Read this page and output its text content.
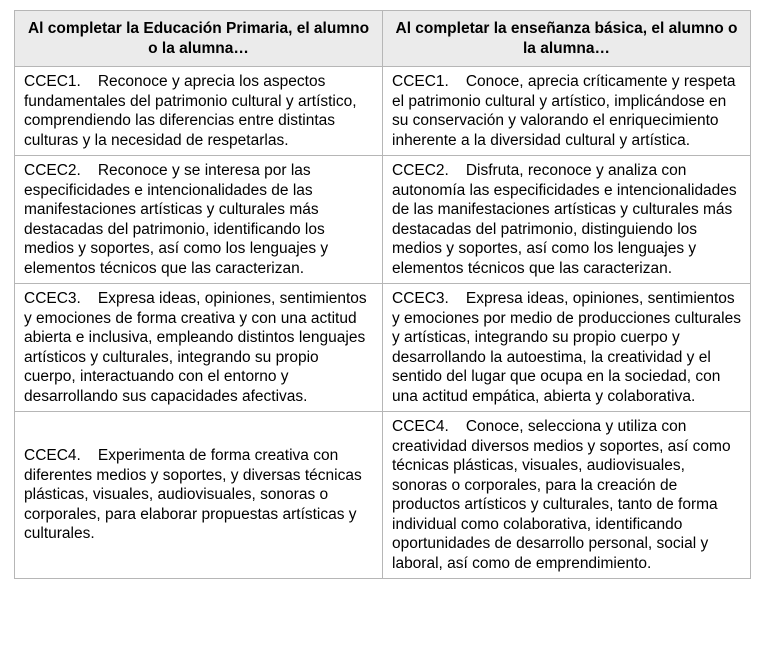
Al completar la Educación Primaria, el alumno o la alumna…	Al completar la enseñanza básica, el alumno o la alumna…
CCEC1. Reconoce y aprecia los aspectos fundamentales del patrimonio cultural y artístico, comprendiendo las diferencias entre distintas culturas y la necesidad de respetarlas.	CCEC1. Conoce, aprecia críticamente y respeta el patrimonio cultural y artístico, implicándose en su conservación y valorando el enriquecimiento inherente a la diversidad cultural y artística.
CCEC2. Reconoce y se interesa por las especificidades e intencionalidades de las manifestaciones artísticas y culturales más destacadas del patrimonio, identificando los medios y soportes, así como los lenguajes y elementos técnicos que las caracterizan.	CCEC2. Disfruta, reconoce y analiza con autonomía las especificidades e intencionalidades de las manifestaciones artísticas y culturales más destacadas del patrimonio, distinguiendo los medios y soportes, así como los lenguajes y elementos técnicos que las caracterizan.
CCEC3. Expresa ideas, opiniones, sentimientos y emociones de forma creativa y con una actitud abierta e inclusiva, empleando distintos lenguajes artísticos y culturales, integrando su propio cuerpo, interactuando con el entorno y desarrollando sus capacidades afectivas.	CCEC3. Expresa ideas, opiniones, sentimientos y emociones por medio de producciones culturales y artísticas, integrando su propio cuerpo y desarrollando la autoestima, la creatividad y el sentido del lugar que ocupa en la sociedad, con una actitud empática, abierta y colaborativa.
CCEC4. Experimenta de forma creativa con diferentes medios y soportes, y diversas técnicas plásticas, visuales, audiovisuales, sonoras o corporales, para elaborar propuestas artísticas y culturales.	CCEC4. Conoce, selecciona y utiliza con creatividad diversos medios y soportes, así como técnicas plásticas, visuales, audiovisuales, sonoras o corporales, para la creación de productos artísticos y culturales, tanto de forma individual como colaborativa, identificando oportunidades de desarrollo personal, social y laboral, así como de emprendimiento.
